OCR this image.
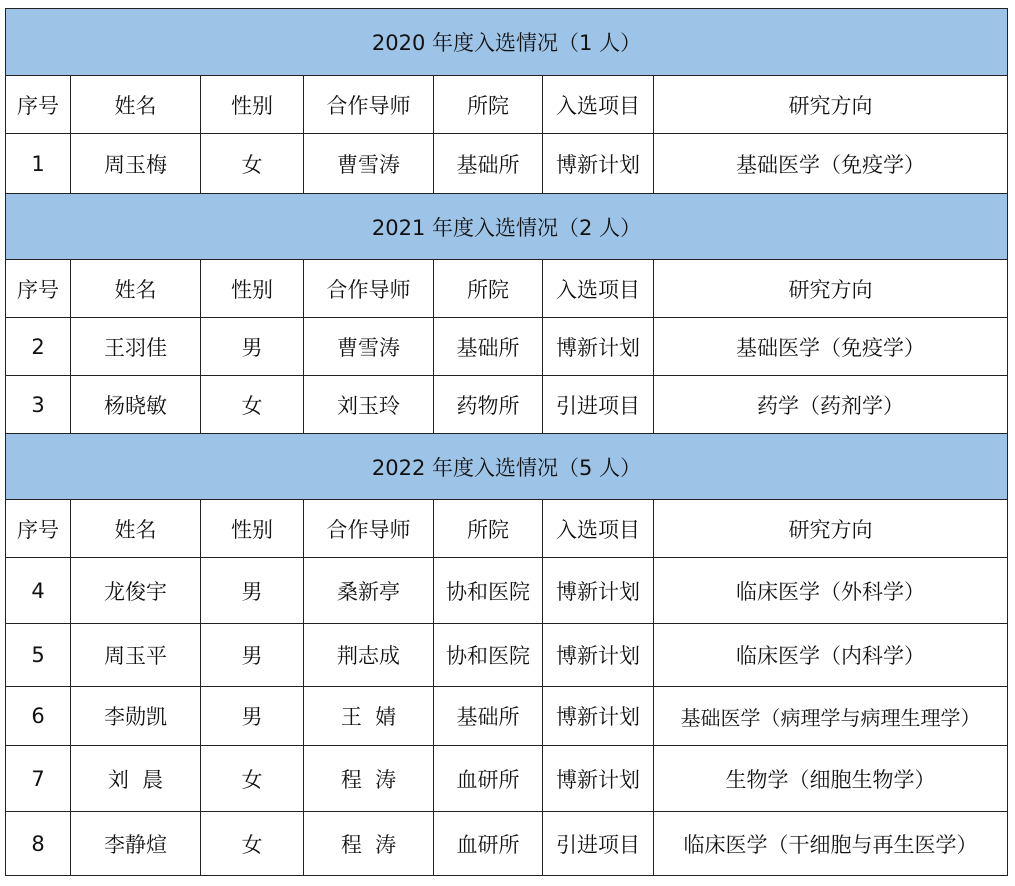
2020 年度入选情况（1 人）						
序号	姓名	性别	合作导师	所院	入选项目	研究方向
1	周玉梅	女	曹雪涛	基础所	博新计划	基础医学（免疫学）
2021 年度入选情况（2 人）						
序号	姓名	性别	合作导师	所院	入选项目	研究方向
2	王羽佳	男	曹雪涛	基础所	博新计划	基础医学（免疫学）
3	杨晓敏	女	刘玉玲	药物所	引进项目	药学（药剂学）
2022 年度入选情况（5 人）						
序号	姓名	性别	合作导师	所院	入选项目	研究方向
4	龙俊宇	男	桑新亭	协和医院	博新计划	临床医学（外科学）
5	周玉平	男	荆志成	协和医院	博新计划	临床医学（内科学）
6	李勋凯	男	王  婧	基础所	博新计划	基础医学（病理学与病理生理学）
7	刘  晨	女	程  涛	血研所	博新计划	生物学（细胞生物学）
8	李静煊	女	程  涛	血研所	引进项目	临床医学（干细胞与再生医学）
